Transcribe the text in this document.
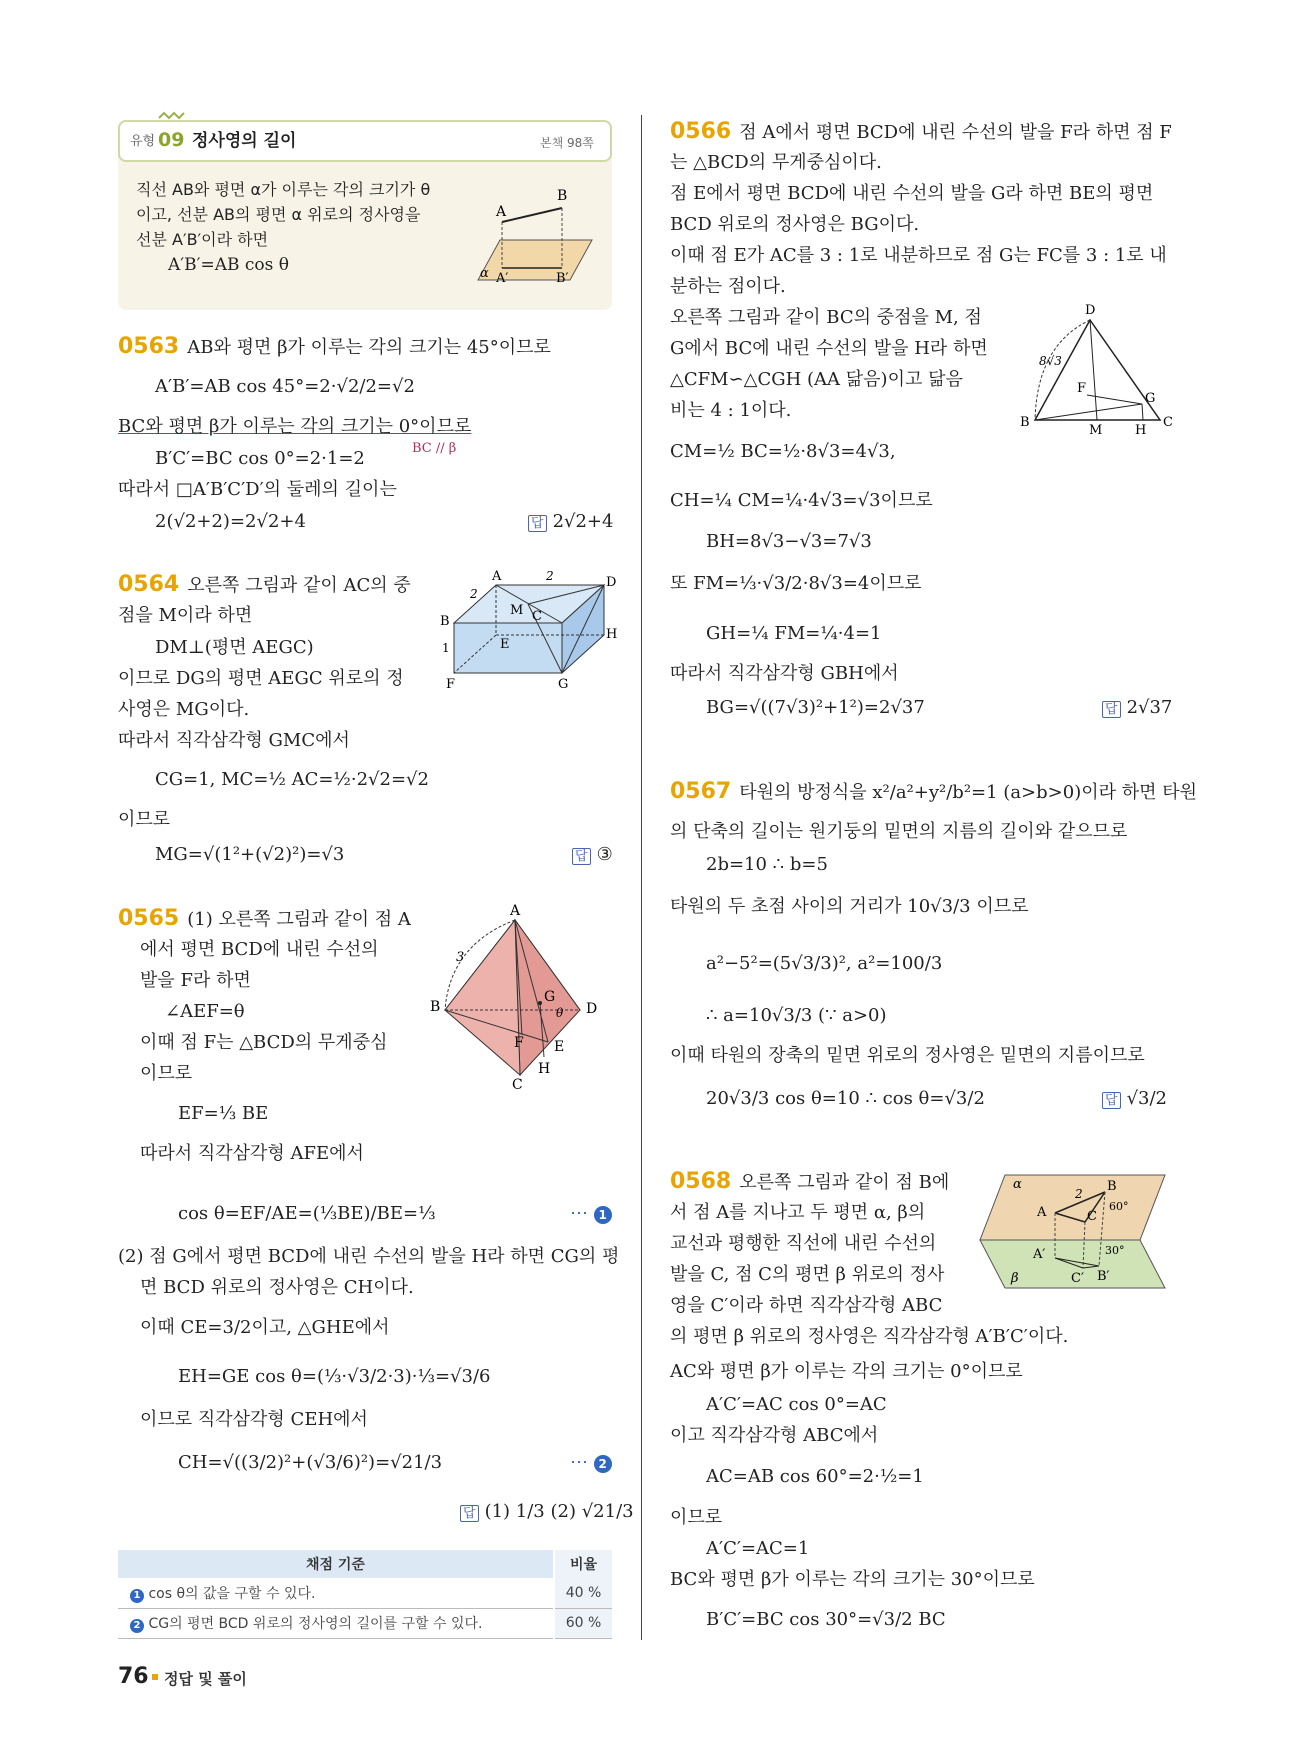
유형 09 정사영의 길이	본책 98쪽
직선 AB와 평면 α가 이루는 각의 크기가 θ
이고, 선분 AB의 평면 α 위로의 정사영을
선분 A′B′이라 하면
A′B′=AB cos θ
A
B
α A′	B′
0563 AB와 평면 β가 이루는 각의 크기는 45°이므로
A′B′=AB cos 45°=2·√2/2=√2
BC와 평면 β가 이루는 각의 크기는 0°이므로
BC // β
B′C′=BC cos 0°=2·1=2
따라서 □A′B′C′D′의 둘레의 길이는
2(√2+2)=2√2+4	답 2√2+4
0564 오른쪽 그림과 같이 AC의 중
점을 M이라 하면
DM⊥(평면 AEGC)
이므로 DG의 평면 AEGC 위로의 정
사영은 MG이다.
따라서 직각삼각형 GMC에서
CG=1, MC=½ AC=½·2√2=√2
이므로
MG=√(1²+(√2)²)=√3	답 ③
A
2
D
2
B
M C
1	E
H
F	G
0565 (1) 오른쪽 그림과 같이 점 A
에서 평면 BCD에 내린 수선의
발을 F라 하면
∠AEF=θ
이때 점 F는 △BCD의 무게중심
이므로
EF=⅓ BE
따라서 직각삼각형 AFE에서
cos θ=EF/AE=(⅓BE)/BE=⅓	⋯ 1
(2) 점 G에서 평면 BCD에 내린 수선의 발을 H라 하면 CG의 평
면 BCD 위로의 정사영은 CH이다.
이때 CE=3/2이고, △GHE에서
EH=GE cos θ=(⅓·√3/2·3)·⅓=√3/6
이므로 직각삼각형 CEH에서
CH=√((3/2)²+(√3/6)²)=√21/3	⋯ 2
답 (1) 1/3 (2) √21/3
A
3
B
G
θ D
F E
C
H
채점 기준	비율
1 cos θ의 값을 구할 수 있다.	40 %
2 CG의 평면 BCD 위로의 정사영의 길이를 구할 수 있다.	60 %
76 정답 및 풀이
0566 점 A에서 평면 BCD에 내린 수선의 발을 F라 하면 점 F
는 △BCD의 무게중심이다.
점 E에서 평면 BCD에 내린 수선의 발을 G라 하면 BE의 평면
BCD 위로의 정사영은 BG이다.
이때 점 E가 AC를 3 : 1로 내분하므로 점 G는 FC를 3 : 1로 내
분하는 점이다.
오른쪽 그림과 같이 BC의 중점을 M, 점
G에서 BC에 내린 수선의 발을 H라 하면
△CFM∽△CGH (AA 닮음)이고 닮음
비는 4 : 1이다.
CM=½ BC=½·8√3=4√3,
CH=¼ CM=¼·4√3=√3이므로
BH=8√3−√3=7√3
또 FM=⅓·√3/2·8√3=4이므로
GH=¼ FM=¼·4=1
따라서 직각삼각형 GBH에서
BG=√((7√3)²+1²)=2√37	답 2√37
D
8√3
F
G
B
M	H
C
0567 타원의 방정식을 x²/a²+y²/b²=1 (a>b>0)이라 하면 타원
의 단축의 길이는 원기둥의 밑면의 지름의 길이와 같으므로
2b=10 ∴ b=5
타원의 두 초점 사이의 거리가 10√3/3 이므로
a²−5²=(5√3/3)², a²=100/3
∴ a=10√3/3 (∵ a>0)
이때 타원의 장축의 밑면 위로의 정사영은 밑면의 지름이므로
20√3/3 cos θ=10 ∴ cos θ=√3/2	답 √3/2
0568 오른쪽 그림과 같이 점 B에
서 점 A를 지나고 두 평면 α, β의
교선과 평행한 직선에 내린 수선의
발을 C, 점 C의 평면 β 위로의 정사
영을 C′이라 하면 직각삼각형 ABC
의 평면 β 위로의 정사영은 직각삼각형 A′B′C′이다.
AC와 평면 β가 이루는 각의 크기는 0°이므로
A′C′=AC cos 0°=AC
이고 직각삼각형 ABC에서
AC=AB cos 60°=2·½=1
이므로
A′C′=AC=1
BC와 평면 β가 이루는 각의 크기는 30°이므로
B′C′=BC cos 30°=√3/2 BC
α
2 B
A	C
60°
A′	30°
β	C′ B′
